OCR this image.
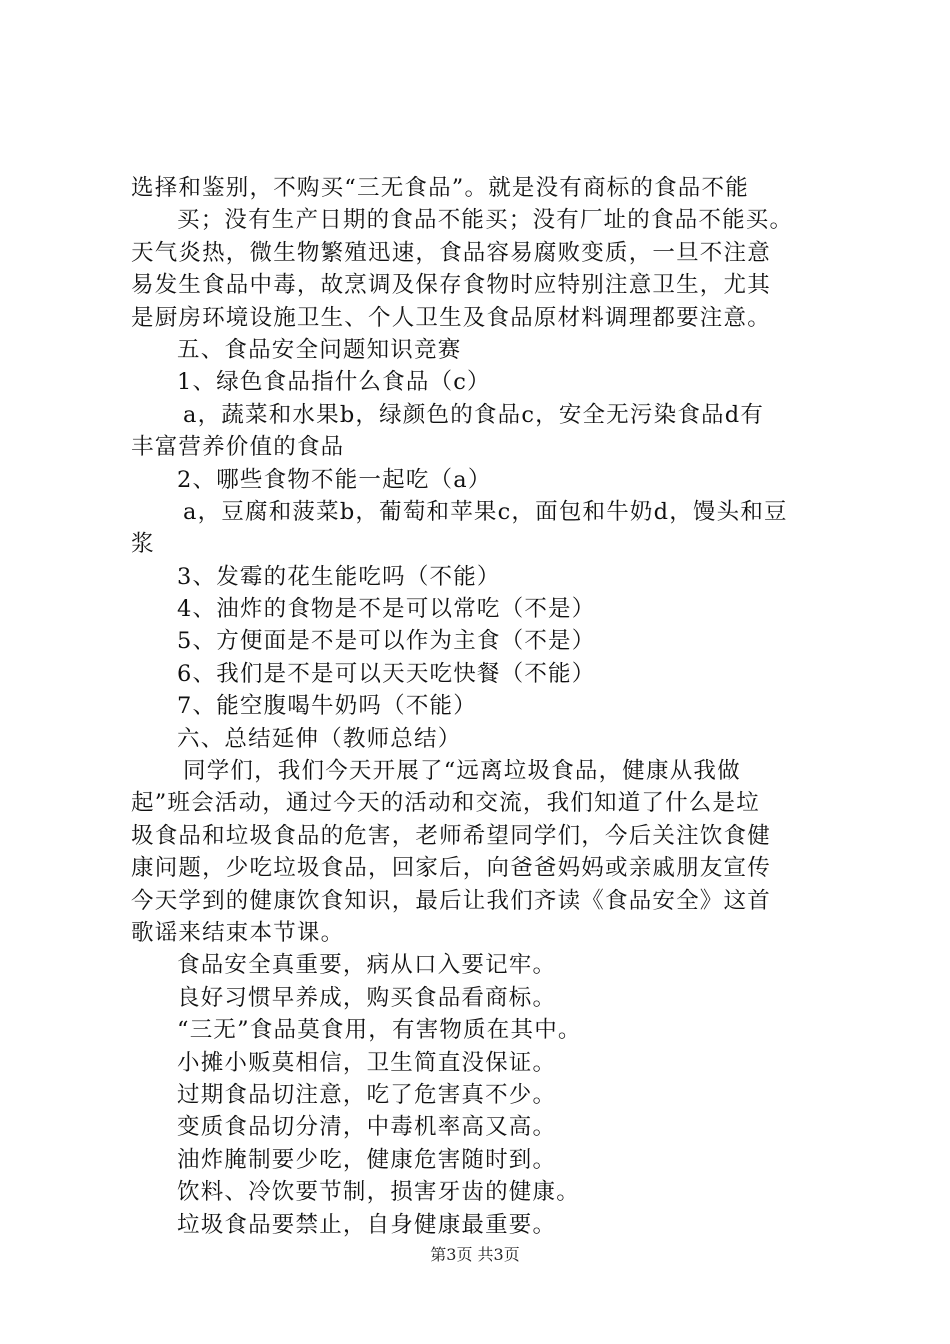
选择和鉴别，不购买“三无食品”。就是没有商标的食品不能

买；没有生产日期的食品不能买；没有厂址的食品不能买。

天气炎热，微生物繁殖迅速，食品容易腐败变质，一旦不注意

易发生食品中毒，故烹调及保存食物时应特别注意卫生，尤其

是厨房环境设施卫生、个人卫生及食品原材料调理都要注意。

五、食品安全问题知识竞赛

1、绿色食品指什么食品（c）

a，蔬菜和水果b，绿颜色的食品c，安全无污染食品d有

丰富营养价值的食品

2、哪些食物不能一起吃（a）

a，豆腐和菠菜b，葡萄和苹果c，面包和牛奶d，馒头和豆

浆

3、发霉的花生能吃吗（不能）

4、油炸的食物是不是可以常吃（不是）

5、方便面是不是可以作为主食（不是）

6、我们是不是可以天天吃快餐（不能）

7、能空腹喝牛奶吗（不能）

六、总结延伸（教师总结）

同学们，我们今天开展了“远离垃圾食品，健康从我做

起”班会活动，通过今天的活动和交流，我们知道了什么是垃

圾食品和垃圾食品的危害，老师希望同学们，今后关注饮食健

康问题，少吃垃圾食品，回家后，向爸爸妈妈或亲戚朋友宣传

今天学到的健康饮食知识，最后让我们齐读《食品安全》这首

歌谣来结束本节课。

食品安全真重要，病从口入要记牢。

良好习惯早养成，购买食品看商标。

“三无”食品莫食用，有害物质在其中。

小摊小贩莫相信，卫生简直没保证。

过期食品切注意，吃了危害真不少。

变质食品切分清，中毒机率高又高。

油炸腌制要少吃，健康危害随时到。

饮料、冷饮要节制，损害牙齿的健康。

垃圾食品要禁止，自身健康最重要。

第3页 共3页
